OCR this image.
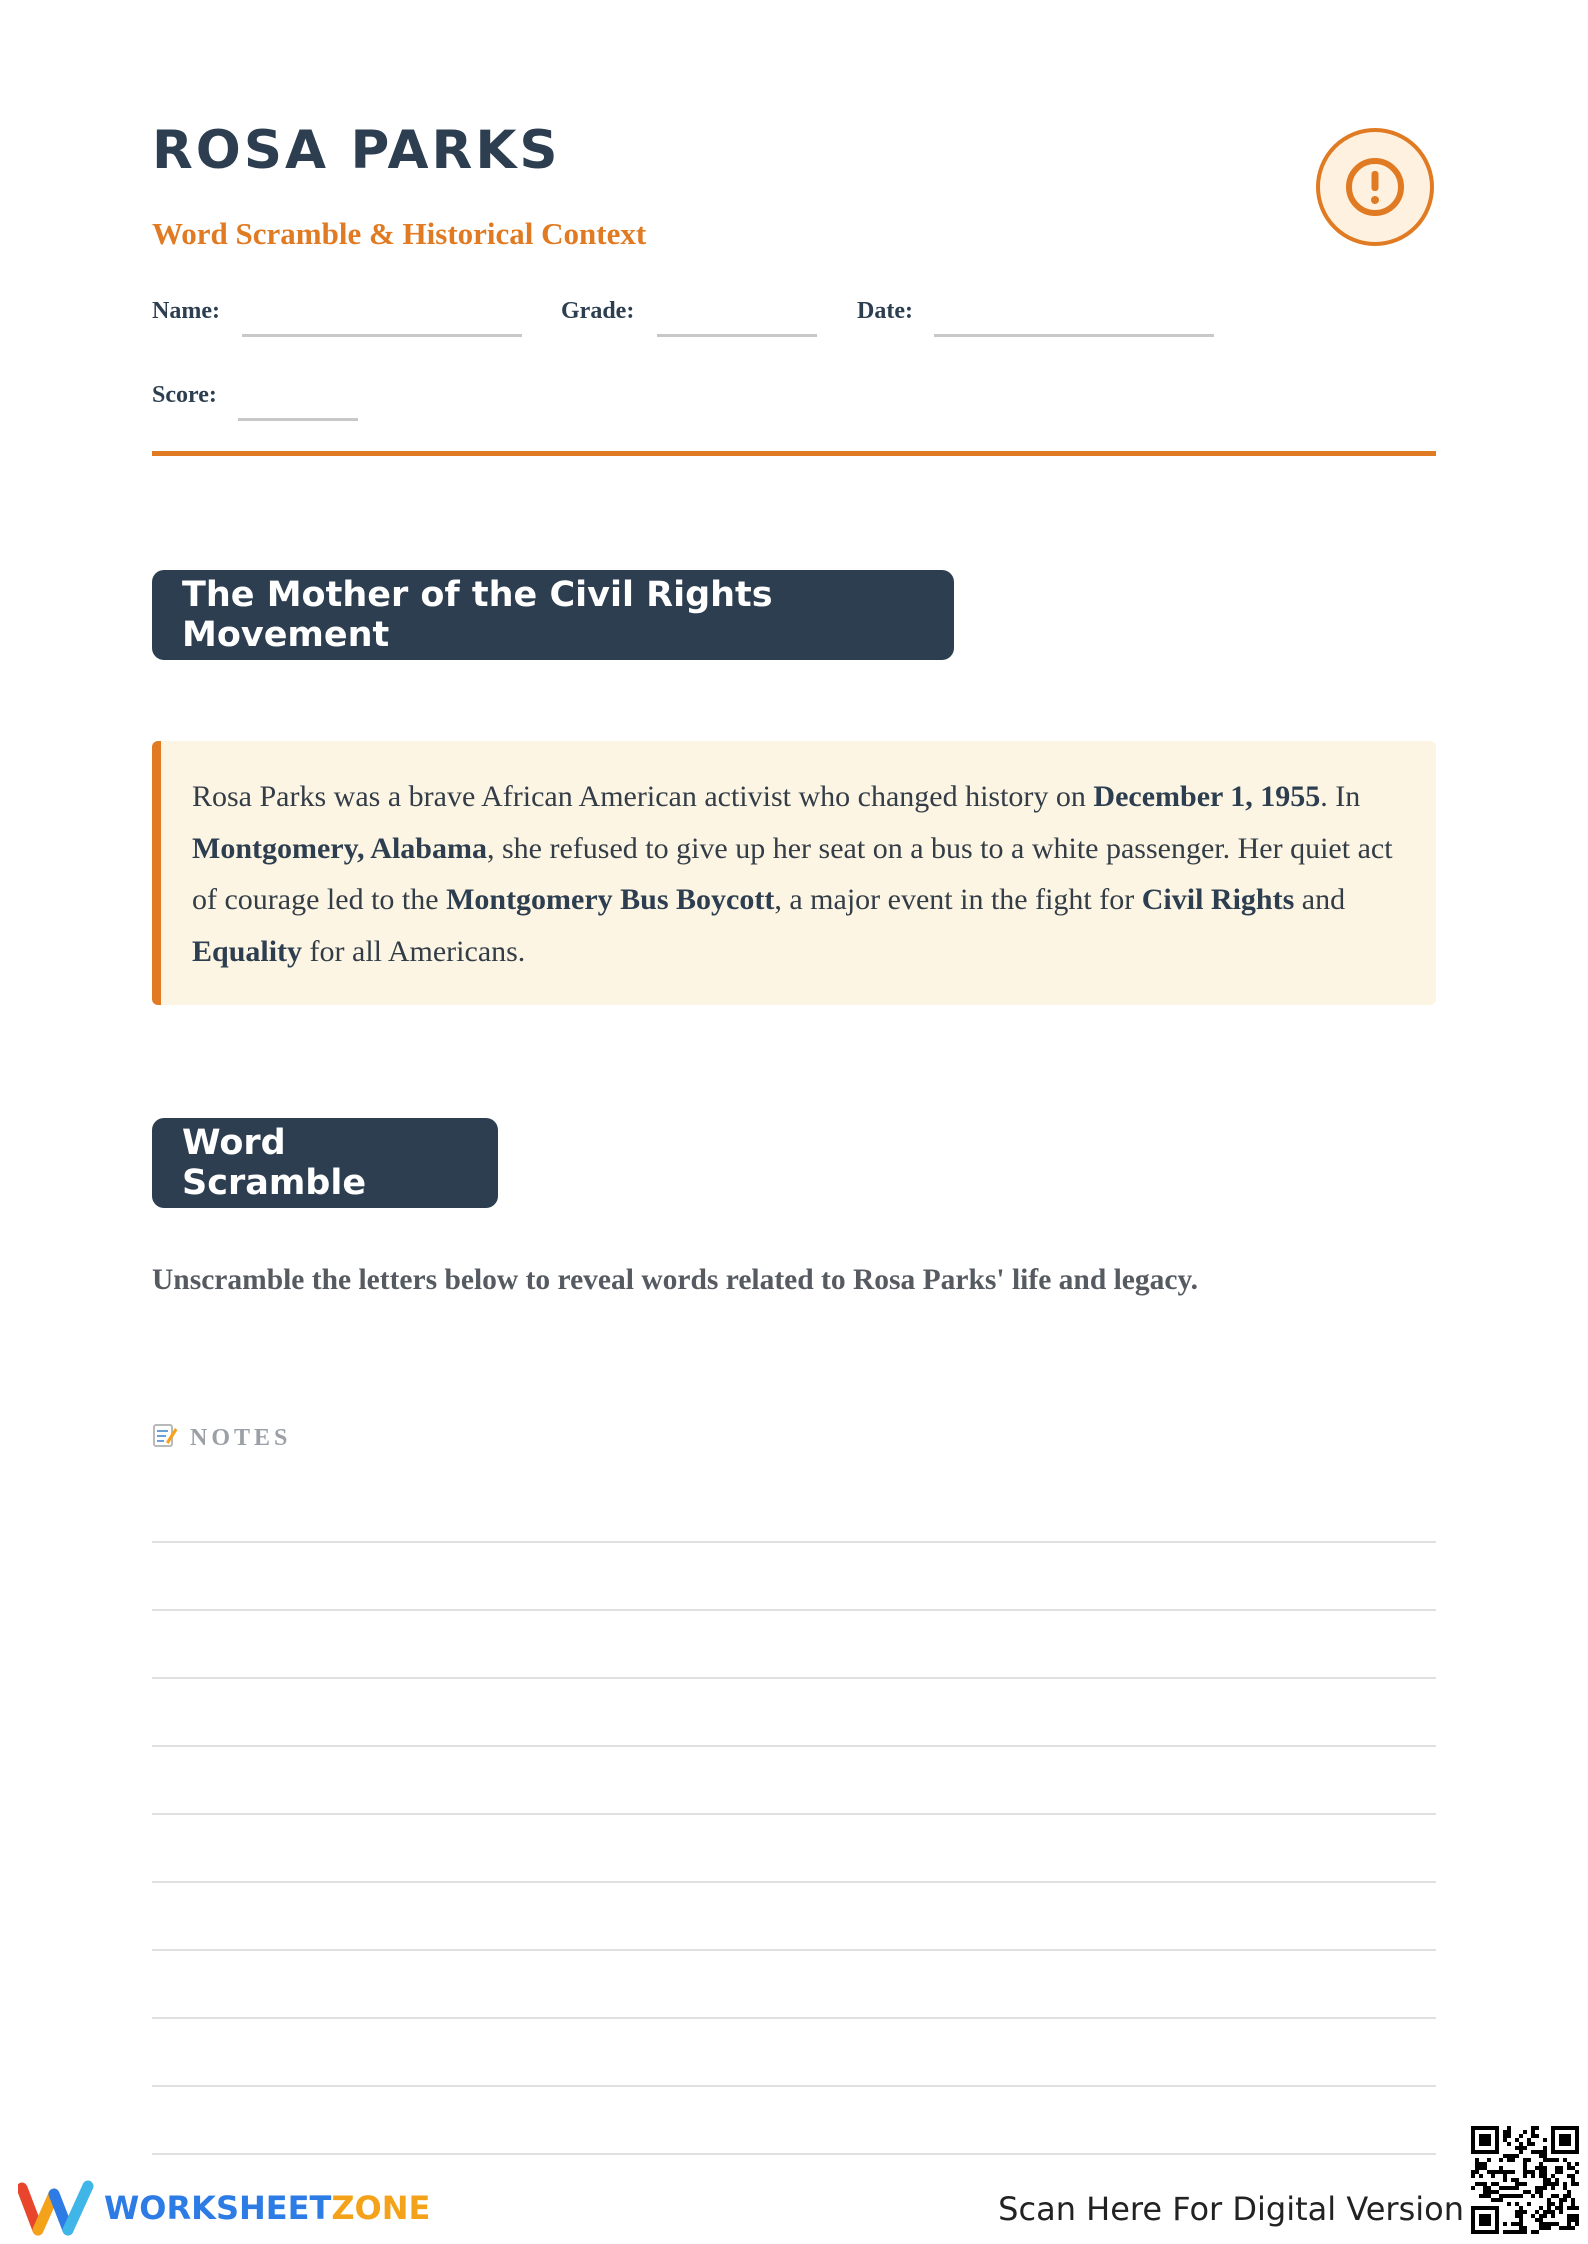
ROSA PARKS
Word Scramble & Historical Context
Name:	Grade:	Date:
Score:
The Mother of the Civil Rights Movement

Rosa Parks was a brave African American activist who changed history on December 1, 1955. In Montgomery, Alabama, she refused to give up her seat on a bus to a white passenger. Her quiet act of courage led to the Montgomery Bus Boycott, a major event in the fight for Civil Rights and Equality for all Americans.

Word Scramble
Unscramble the letters below to reveal words related to Rosa Parks' life and legacy.
NOTES
WORKSHEETZONE	Scan Here For Digital Version
